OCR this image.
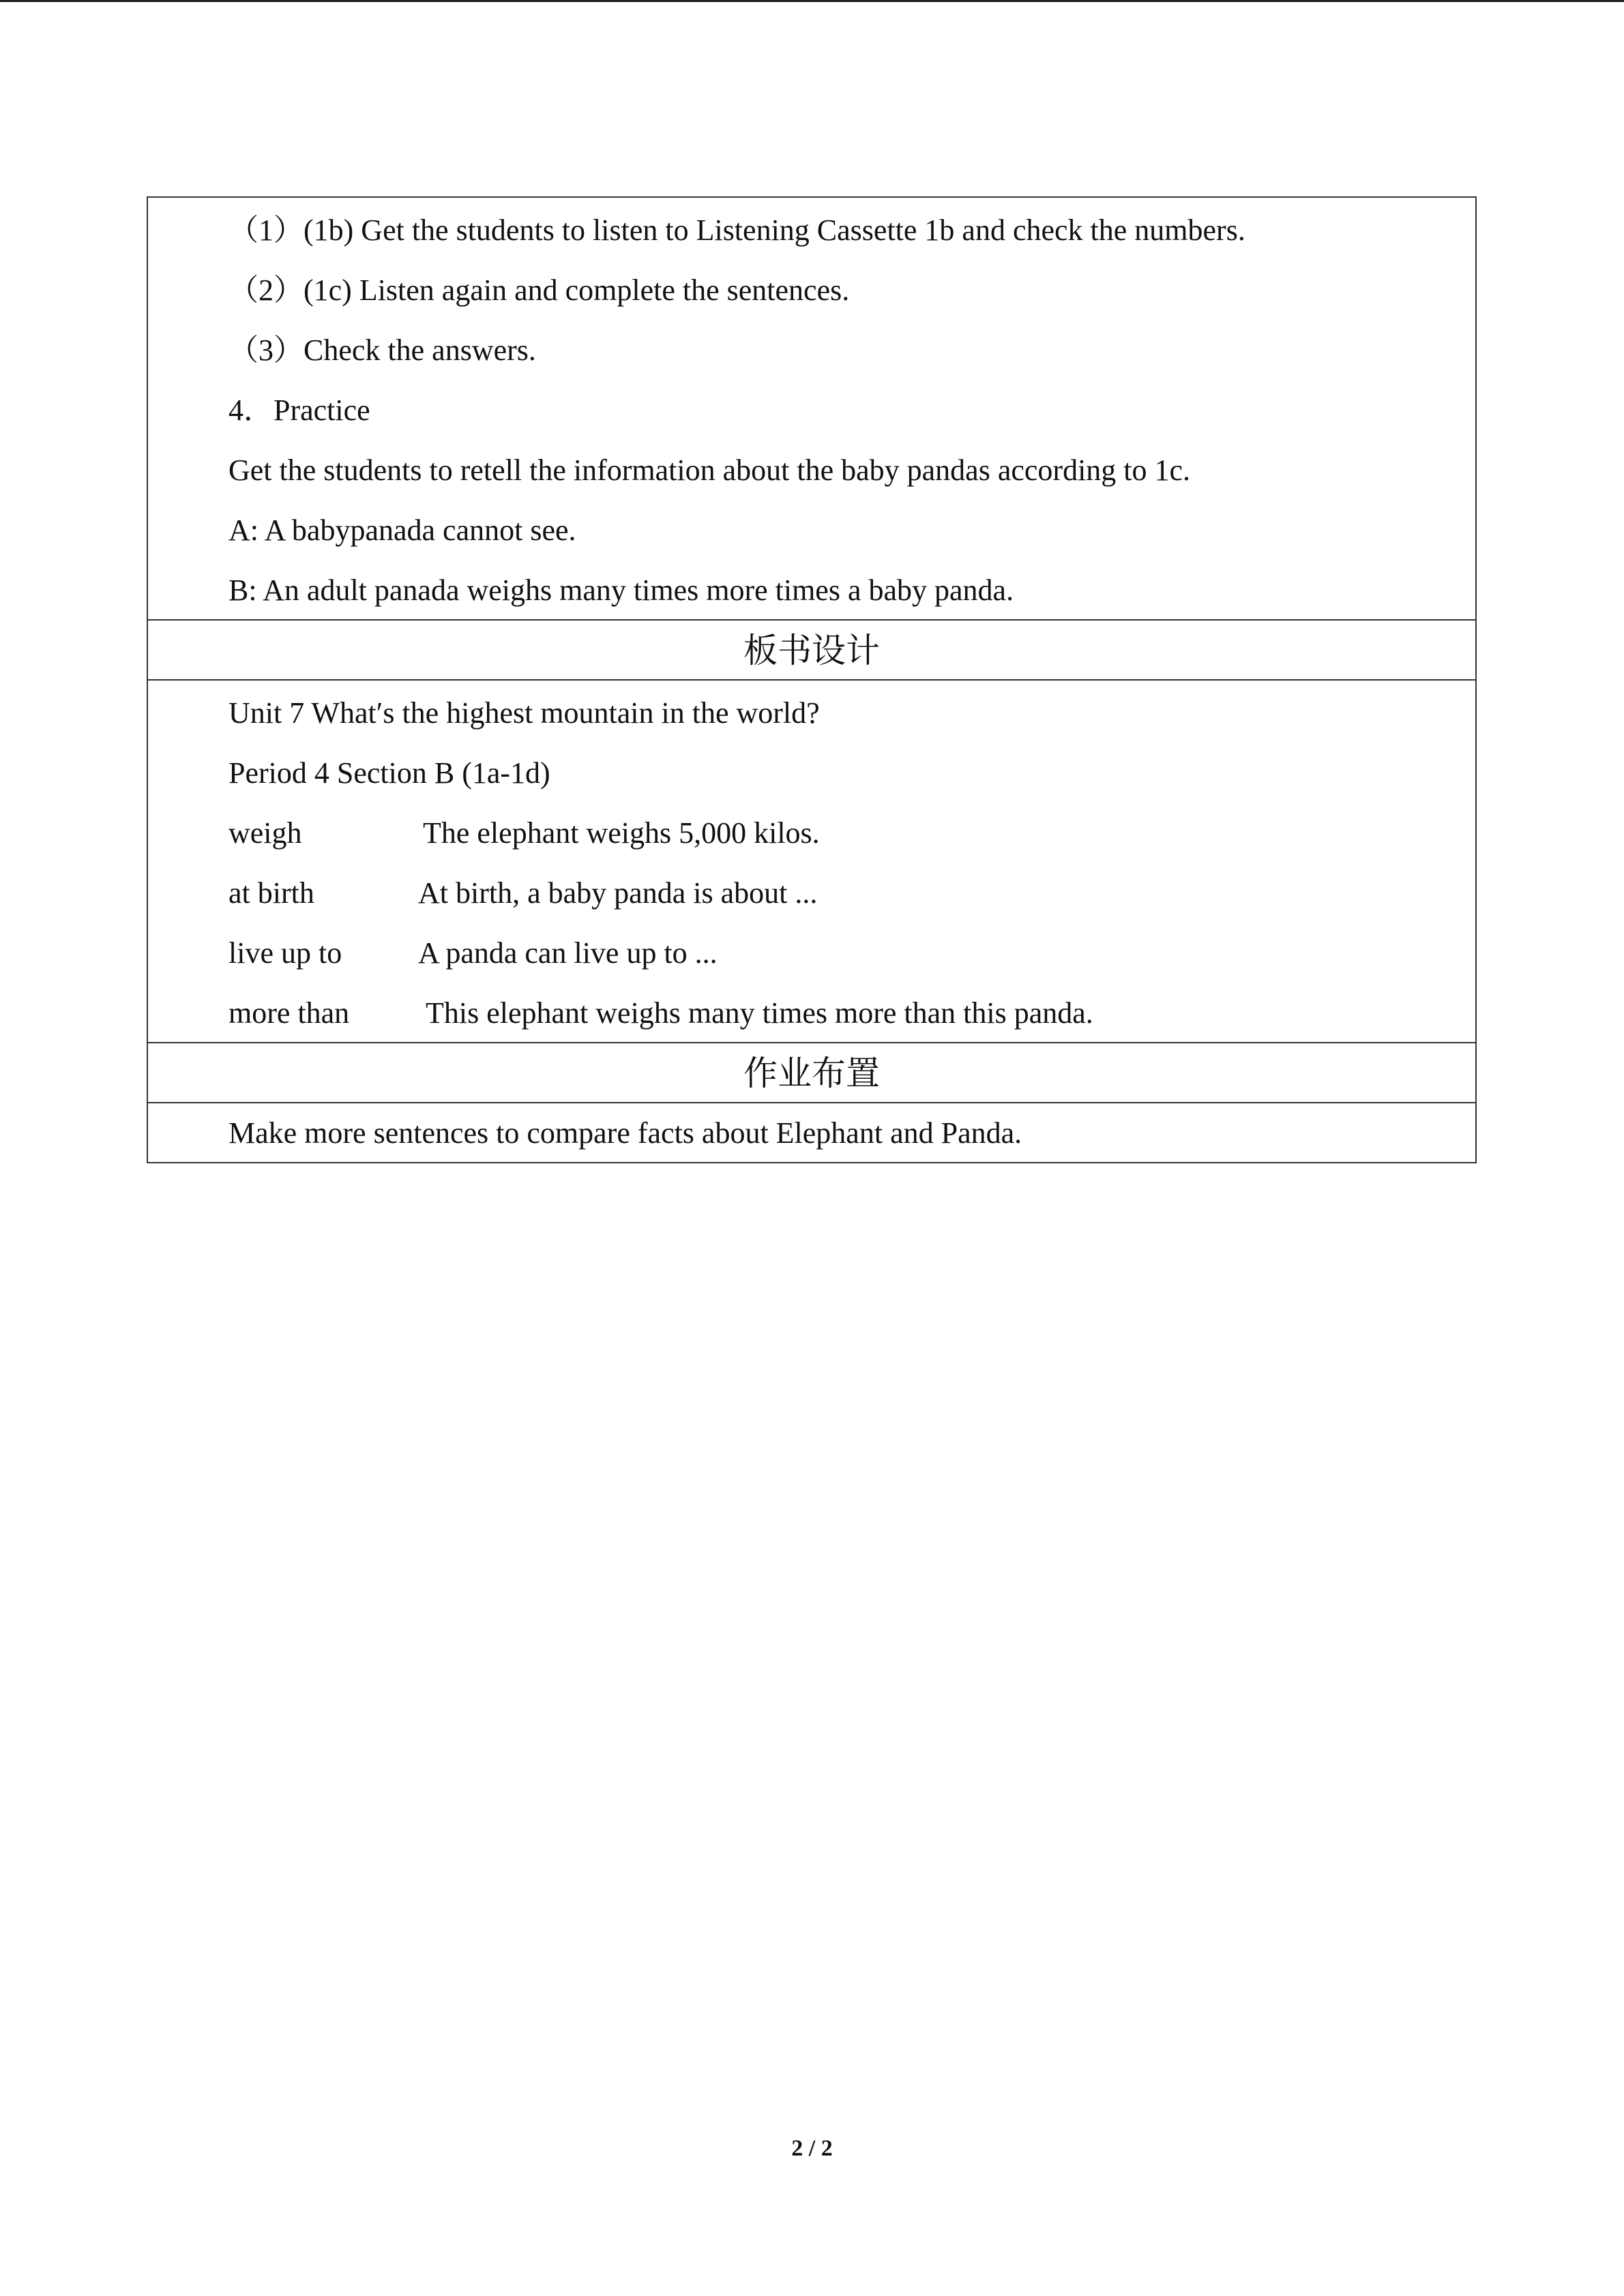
（1）(1b) Get the students to listen to Listening Cassette 1b and check the numbers.
（2）(1c) Listen again and complete the sentences.
（3）Check the answers.
4．Practice
Get the students to retell the information about the baby pandas according to 1c.
A: A babypanada cannot see.
B: An adult panada weighs many times more times a baby panda.
板书设计
Unit 7 What′s the highest mountain in the world?
Period 4 Section B (1a-1d)
weigh	The elephant weighs 5,000 kilos.
at birth	At birth, a baby panda is about ...
live up to	A panda can live up to ...
more than	This elephant weighs many times more than this panda.
作业布置
Make more sentences to compare facts about Elephant and Panda.
2 / 2
